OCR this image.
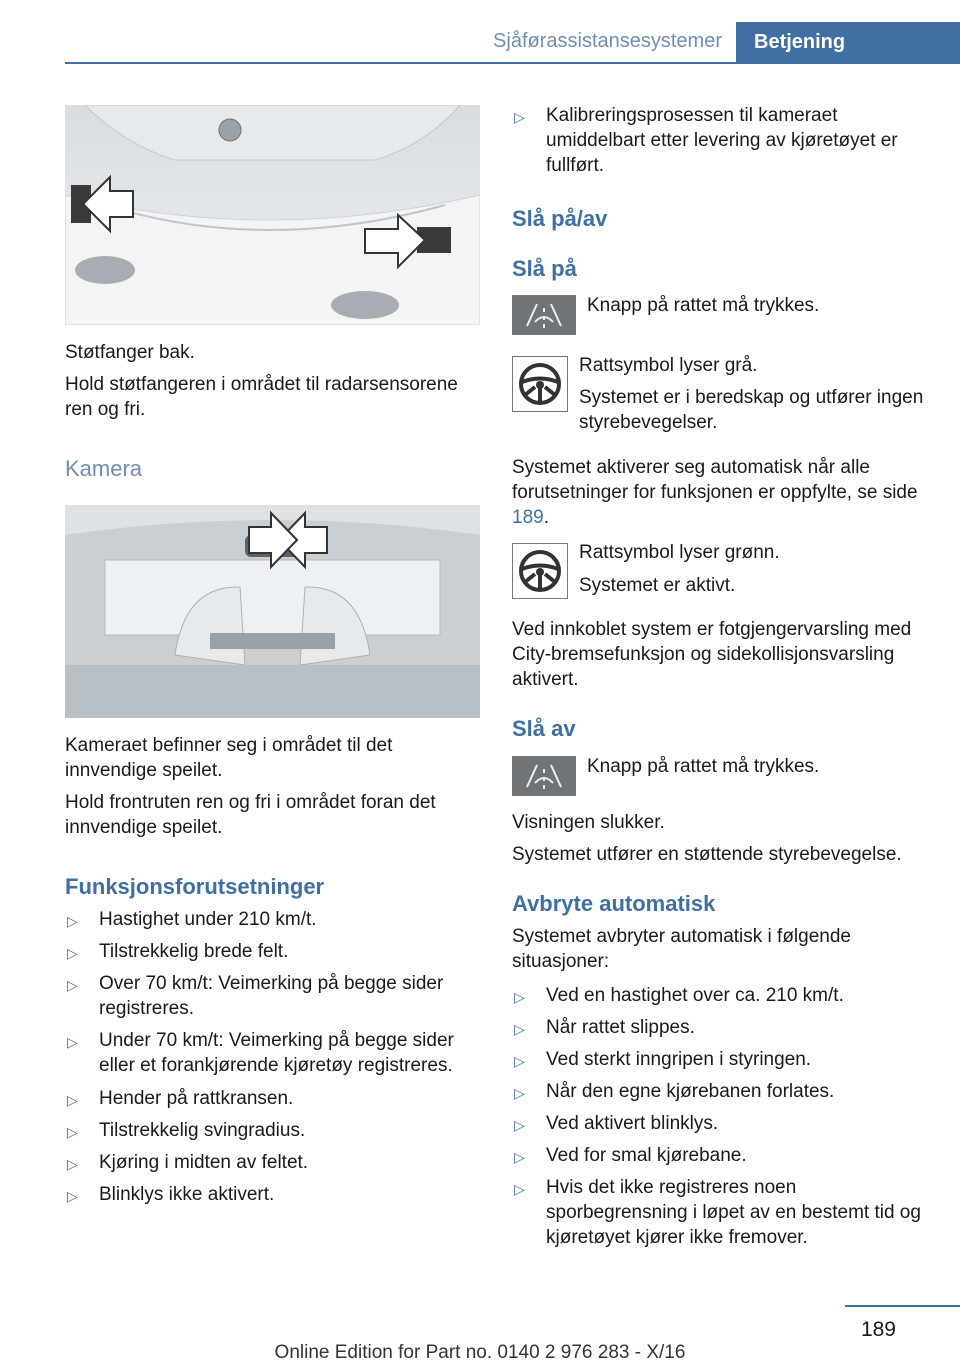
Sjåførassistansesystemer	Betjening
Støtfanger bak.
Hold støtfangeren i området til radarsensorene ren og fri.
Kamera
Kameraet befinner seg i området til det innvendige speilet.
Hold frontruten ren og fri i området foran det innvendige speilet.
Funksjonsforutsetninger
▷ Hastighet under 210 km/t.
▷ Tilstrekkelig brede felt.
▷ Over 70 km/t: Veimerking på begge sider registreres.
▷ Under 70 km/t: Veimerking på begge sider eller et forankjørende kjøretøy registreres.
▷ Hender på rattkransen.
▷ Tilstrekkelig svingradius.
▷ Kjøring i midten av feltet.
▷ Blinklys ikke aktivert.
▷ Kalibreringsprosessen til kameraet umiddelbart etter levering av kjøretøyet er fullført.
Slå på/av
Slå på
Knapp på rattet må trykkes.
Rattsymbol lyser grå.
Systemet er i beredskap og utfører ingen styrebevegelser.
Systemet aktiverer seg automatisk når alle forutsetninger for funksjonen er oppfylte, se side 189.
Rattsymbol lyser grønn.
Systemet er aktivt.
Ved innkoblet system er fotgjengervarsling med City-bremsefunksjon og sidekollisjonsvarsling aktivert.
Slå av
Knapp på rattet må trykkes.
Visningen slukker.
Systemet utfører en støttende styrebevegelse.
Avbryte automatisk
Systemet avbryter automatisk i følgende situasjoner:
▷ Ved en hastighet over ca. 210 km/t.
▷ Når rattet slippes.
▷ Ved sterkt inngripen i styringen.
▷ Når den egne kjørebanen forlates.
▷ Ved aktivert blinklys.
▷ Ved for smal kjørebane.
▷ Hvis det ikke registreres noen sporbegrensning i løpet av en bestemt tid og kjøretøyet kjører ikke fremover.
189
Online Edition for Part no. 0140 2 976 283 - X/16
